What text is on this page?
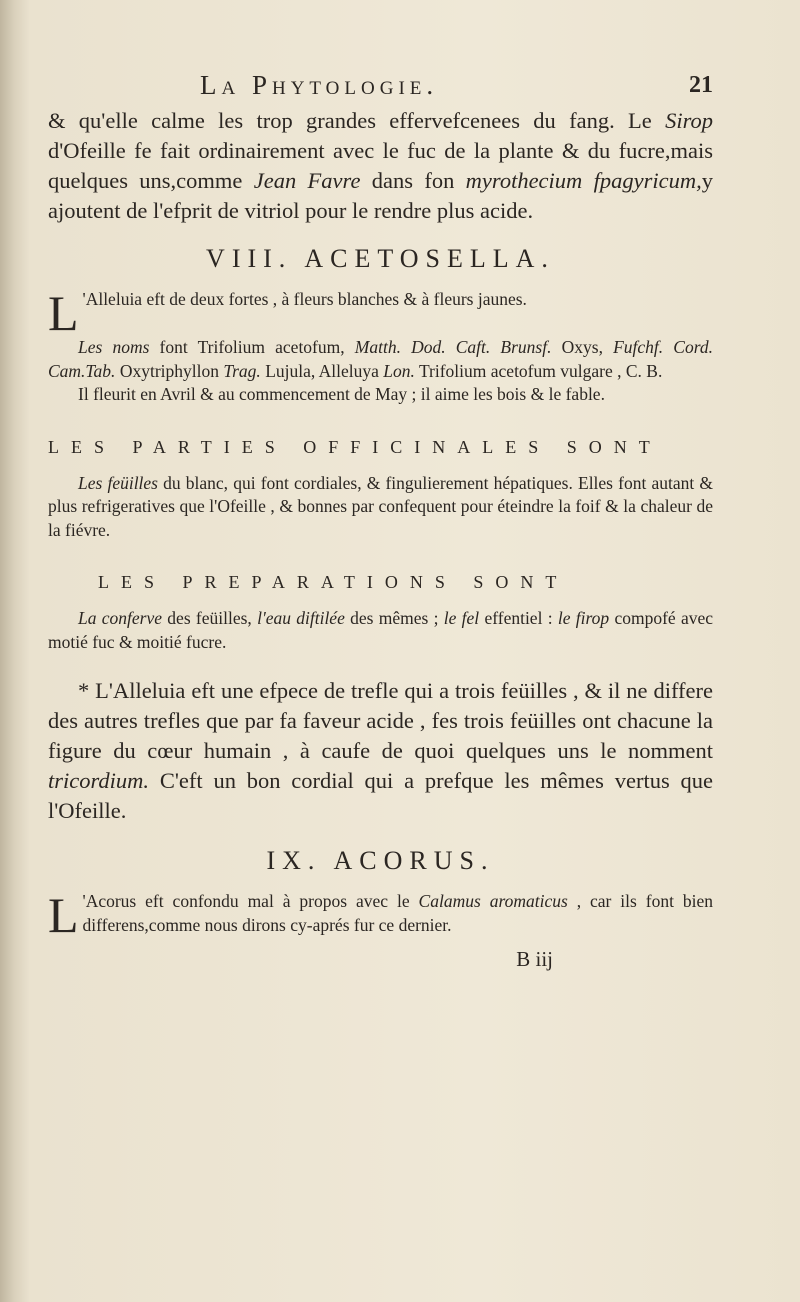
La Phytologie.	21

& qu'elle calme les trop grandes effervefcenees du fang. Le Sirop d'Ofeille fe fait ordinairement avec le fuc de la plante & du fucre,mais quelques uns,comme Jean Favre dans fon myrothecium fpagyricum,y ajoutent de l'efprit de vitriol pour le rendre plus acide.

VIII. ACETOSELLA.

L 'Alleluia eft de deux fortes , à fleurs blanches & à fleurs jaunes.

Les noms font Trifolium acetofum, Matth. Dod. Caft. Brunsf. Oxys, Fufchf. Cord. Cam.Tab. Oxytriphyllon Trag. Lujula, Alleluya Lon. Trifolium acetofum vulgare , C. B.

Il fleurit en Avril & au commencement de May ; il aime les bois & le fable.

LES PARTIES OFFICINALES SONT

Les feüilles du blanc, qui font cordiales, & fingulierement hépatiques. Elles font autant & plus refrigeratives que l'Ofeille , & bonnes par confequent pour éteindre la foif & la chaleur de la fiévre.

LES PREPARATIONS SONT

La conferve des feüilles, l'eau diftilée des mêmes ; le fel effentiel : le firop compofé avec motié fuc & moitié fucre.

* L'Alleluia eft une efpece de trefle qui a trois feüilles , & il ne differe des autres trefles que par fa faveur acide , fes trois feüilles ont chacune la figure du cœur humain , à caufe de quoi quelques uns le nomment tricordium. C'eft un bon cordial qui a prefque les mêmes vertus que l'Ofeille.

IX. ACORUS.

L 'Acorus eft confondu mal à propos avec le Calamus aromaticus , car ils font bien differens,comme nous dirons cy-aprés fur ce dernier.

B iij
